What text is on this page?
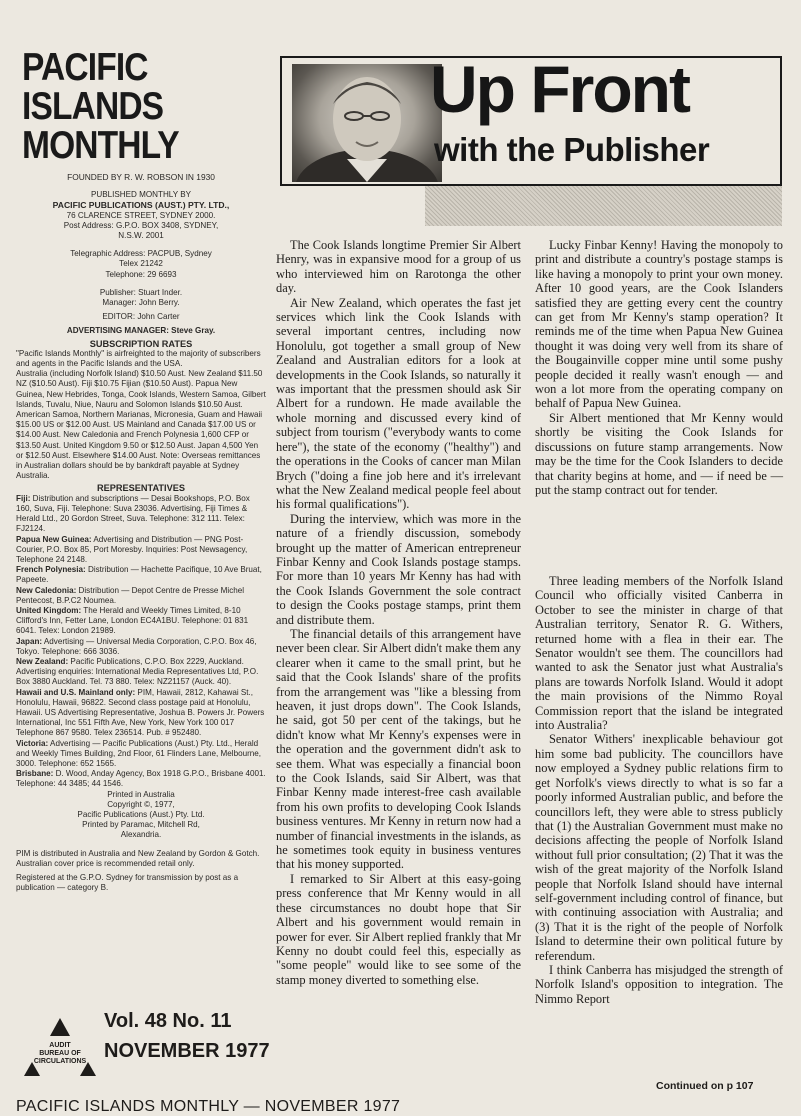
PACIFIC ISLANDS
MONTHLY
FOUNDED BY R. W. ROBSON IN 1930
PUBLISHED MONTHLY BY
PACIFIC PUBLICATIONS (AUST.) PTY. LTD.,
76 CLARENCE STREET, SYDNEY 2000.
Post Address: G.P.O. BOX 3408, SYDNEY,
N.S.W. 2001
Telegraphic Address: PACPUB, Sydney
Telex 21242
Telephone: 29 6693
Publisher: Stuart Inder.
Manager: John Berry.
EDITOR: John Carter
ADVERTISING MANAGER: Steve Gray.
SUBSCRIPTION RATES
"Pacific Islands Monthly" is airfreighted to the majority of subscribers and agents in the Pacific Islands and the USA.
Australia (including Norfolk Island) $10.50 Aust. New Zealand $11.50 NZ ($10.50 Aust). Fiji $10.75 Fijian ($10.50 Aust). Papua New Guinea, New Hebrides, Tonga, Cook Islands, Western Samoa, Gilbert Islands, Tuvalu, Niue, Nauru and Solomon Islands $10.50 Aust. American Samoa, Northern Marianas, Micronesia, Guam and Hawaii $15.00 US or $12.00 Aust. US Mainland and Canada $17.00 US or $14.00 Aust. New Caledonia and French Polynesia 1,600 CFP or $13.50 Aust. United Kingdom 9.50 or $12.50 Aust. Japan 4,500 Yen or $12.50 Aust. Elsewhere $14.00 Aust. Note: Overseas remittances in Australian dollars should be by bankdraft payable at Sydney Australia.
REPRESENTATIVES

Fiji: Distribution and subscriptions — Desai Bookshops, P.O. Box 160, Suva, Fiji. Telephone: Suva 23036. Advertising, Fiji Times & Herald Ltd., 20 Gordon Street, Suva. Telephone: 312 111. Telex: FJ2124.

Papua New Guinea: Advertising and Distribution — PNG Post-Courier, P.O. Box 85, Port Moresby. Inquiries: Post Newsagency, Telephone 24 2148.

French Polynesia: Distribution — Hachette Pacifique, 10 Ave Bruat, Papeete.

New Caledonia: Distribution — Depot Centre de Presse Michel Pentecost, B.P.C2 Noumea.

United Kingdom: The Herald and Weekly Times Limited, 8-10 Clifford's Inn, Fetter Lane, London EC4A1BU. Telephone: 01 831 6041. Telex: London 21989.

Japan: Advertising — Universal Media Corporation, C.P.O. Box 46, Tokyo. Telephone: 666 3036.

New Zealand: Pacific Publications, C.P.O. Box 2229, Auckland. Advertising enquiries: International Media Representatives Ltd, P.O. Box 3880 Auckland. Tel. 73 880. Telex: NZ21157 (Auck. 40).

Hawaii and U.S. Mainland only: PIM, Hawaii, 2812, Kahawai St., Honolulu, Hawaii, 96822. Second class postage paid at Honolulu, Hawaii. US Advertising Representative, Joshua B. Powers Jr. Powers International, Inc 551 Fifth Ave, New York, New York 100 017 Telephone 867 9580. Telex 236514. Pub. # 952480.

Victoria: Advertising — Pacific Publications (Aust.) Pty. Ltd., Herald and Weekly Times Building, 2nd Floor, 61 Flinders Lane, Melbourne, 3000. Telephone: 652 1565.

Brisbane: D. Wood, Anday Agency, Box 1918 G.P.O., Brisbane 4001. Telephone: 44 3485; 44 1546.

Printed in Australia
Copyright ©, 1977,
Pacific Publications (Aust.) Pty. Ltd.
Printed by Paramac, Mitchell Rd,
Alexandria.
PIM is distributed in Australia and New Zealand by Gordon & Gotch. Australian cover price is recommended retail only.
Registered at the G.P.O. Sydney for transmission by post as a publication — category B.
Up Front
with the Publisher

The Cook Islands longtime Premier Sir Albert Henry, was in expansive mood for a group of us who interviewed him on Rarotonga the other day.

Air New Zealand, which operates the fast jet services which link the Cook Islands with several important centres, including now Honolulu, got together a small group of New Zealand and Australian editors for a look at developments in the Cook Islands, so naturally it was important that the pressmen should ask Sir Albert for a rundown. He made available the whole morning and discussed every kind of subject from tourism ("everybody wants to come here"), the state of the economy ("healthy") and the operations in the Cooks of cancer man Milan Brych ("doing a fine job here and it's irrelevant what the New Zealand medical people feel about his formal qualifications").

During the interview, which was more in the nature of a friendly discussion, somebody brought up the matter of American entrepreneur Finbar Kenny and Cook Islands postage stamps. For more than 10 years Mr Kenny has had with the Cook Islands Government the sole contract to design the Cooks postage stamps, print them and distribute them.

The financial details of this arrangement have never been clear. Sir Albert didn't make them any clearer when it came to the small print, but he said that the Cook Islands' share of the profits from the arrangement was "like a blessing from heaven, it just drops down". The Cook Islands, he said, got 50 per cent of the takings, but he didn't know what Mr Kenny's expenses were in the operation and the government didn't ask to see them. What was especially a financial boon to the Cook Islands, said Sir Albert, was that Finbar Kenny made interest-free cash available from his own profits to developing Cook Islands business ventures. Mr Kenny in return now had a number of financial investments in the islands, as he sometimes took equity in business ventures that his money supported.

I remarked to Sir Albert at this easy-going press conference that Mr Kenny would in all these circumstances no doubt hope that Sir Albert and his government would remain in power for ever. Sir Albert replied frankly that Mr Kenny no doubt could feel this, especially as "some people" would like to see some of the stamp money diverted to something else.

Lucky Finbar Kenny! Having the monopoly to print and distribute a country's postage stamps is like having a monopoly to print your own money. After 10 good years, are the Cook Islanders satisfied they are getting every cent the country can get from Mr Kenny's stamp operation? It reminds me of the time when Papua New Guinea thought it was doing very well from its share of the Bougainville copper mine until some pushy people decided it really wasn't enough — and won a lot more from the operating company on behalf of Papua New Guinea.

Sir Albert mentioned that Mr Kenny would shortly be visiting the Cook Islands for discussions on future stamp arrangements. Now may be the time for the Cook Islanders to decide that charity begins at home, and — if need be — put the stamp contract out for tender.

Three leading members of the Norfolk Island Council who officially visited Canberra in October to see the minister in charge of that Australian territory, Senator R. G. Withers, returned home with a flea in their ear. The Senator wouldn't see them. The councillors had wanted to ask the Senator just what Australia's plans are towards Norfolk Island. Would it adopt the main provisions of the Nimmo Royal Commission report that the island be integrated into Australia?

Senator Withers' inexplicable behaviour got him some bad publicity. The councillors have now employed a Sydney public relations firm to get Norfolk's views directly to what is so far a poorly informed Australian public, and before the councillors left, they were able to stress publicly that (1) the Australian Government must make no decisions affecting the people of Norfolk Island without full prior consultation; (2) That it was the wish of the great majority of the Norfolk Island people that Norfolk Island should have internal self-government including control of finance, but with continuing association with Australia; and (3) That it is the right of the people of Norfolk Island to determine their own political future by referendum.

I think Canberra has misjudged the strength of Norfolk Island's opposition to integration. The Nimmo Report

AUDIT
BUREAU OF
CIRCULATIONS
Vol. 48 No. 11
NOVEMBER 1977
Continued on p 107
PACIFIC ISLANDS MONTHLY — NOVEMBER 1977
